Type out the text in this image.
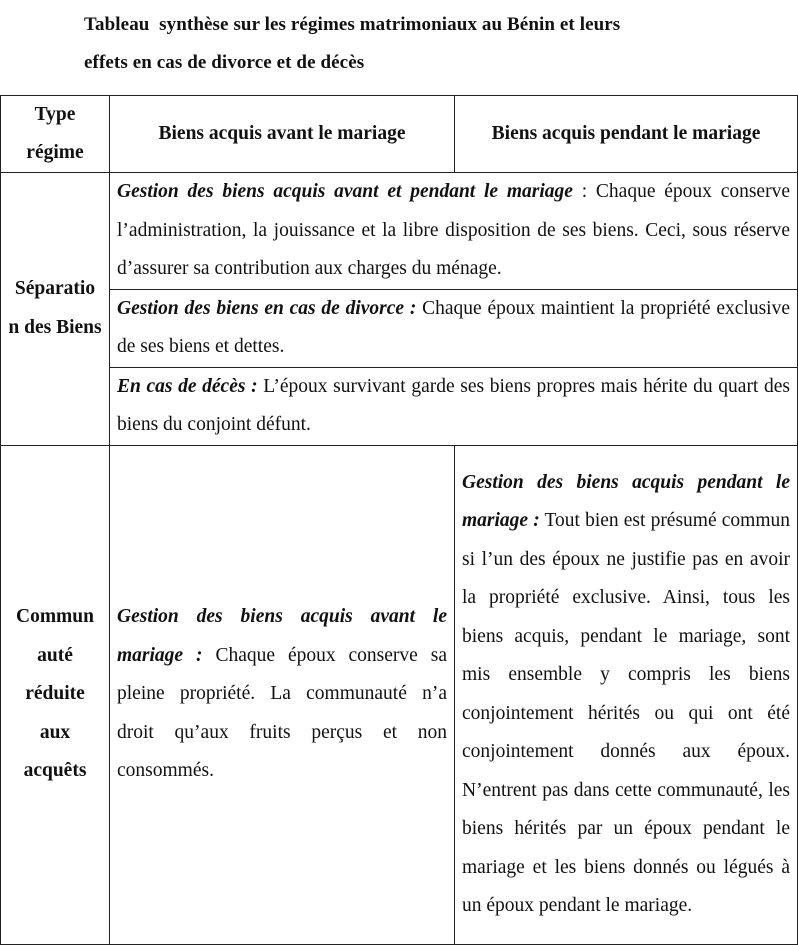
Tableau  synthèse sur les régimes matrimoniaux au Bénin et leurs
effets en cas de divorce et de décès
Type
régime	Biens acquis avant le mariage	Biens acquis pendant le mariage
Séparatio n des Biens	Gestion des biens acquis avant et pendant le mariage : Chaque époux conserve l’administration, la jouissance et la libre disposition de ses biens. Ceci, sous réserve d’assurer sa contribution aux charges du ménage.	
	Gestion des biens en cas de divorce : Chaque époux maintient la propriété exclusive de ses biens et dettes.	
	En cas de décès : L’époux survivant garde ses biens propres mais hérite du quart des biens du conjoint défunt.	
Commun auté réduite aux acquêts	Gestion des biens acquis avant le mariage : Chaque époux conserve sa pleine propriété. La communauté n’a droit qu’aux fruits perçus et non consommés.	Gestion des biens acquis pendant le mariage : Tout bien est présumé commun si l’un des époux ne justifie pas en avoir la propriété exclusive. Ainsi, tous les biens acquis, pendant le mariage, sont mis ensemble y compris les biens conjointement hérités ou qui ont été conjointement donnés aux époux. N’entrent pas dans cette communauté, les biens hérités par un époux pendant le mariage et les biens donnés ou légués à un époux pendant le mariage.
